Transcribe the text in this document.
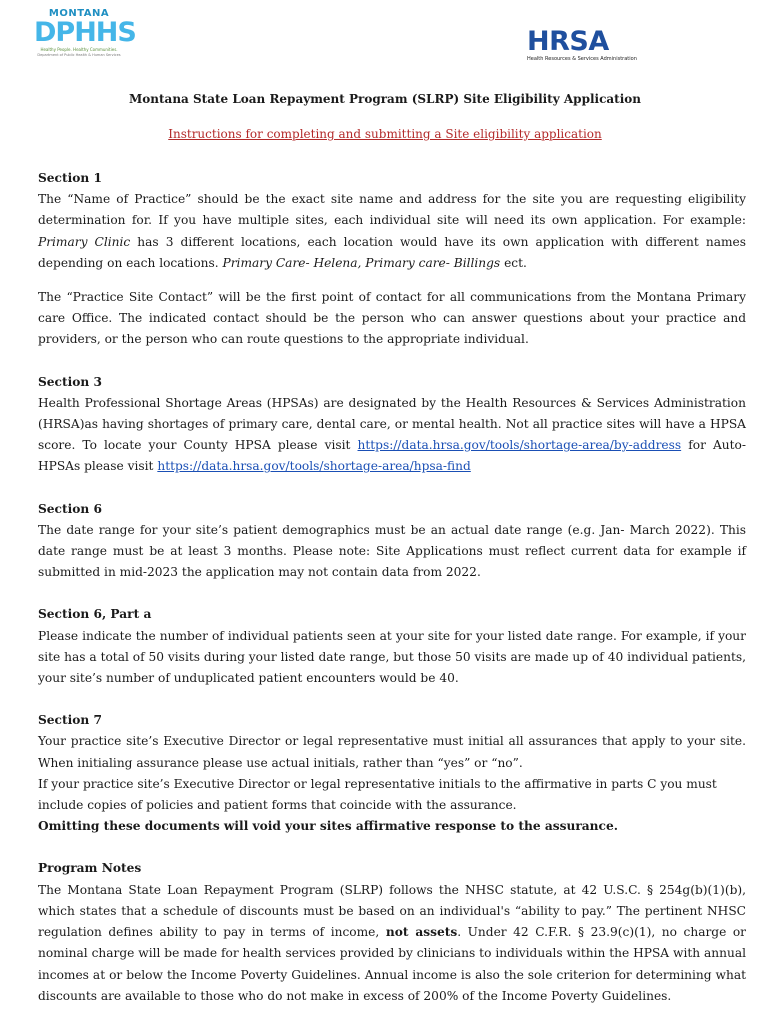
MONTANA
DPHHS
Healthy People. Healthy Communities.
Department of Public Health & Human Services	HRSA
Health Resources & Services Administration
Montana State Loan Repayment Program (SLRP) Site Eligibility Application
Instructions for completing and submitting a Site eligibility application

Section 1

The “Name of Practice” should be the exact site name and address for the site you are requesting eligibility determination for. If you have multiple sites, each individual site will need its own application. For example: Primary Clinic has 3 different locations, each location would have its own application with different names depending on each locations. Primary Care- Helena, Primary care- Billings ect.

The “Practice Site Contact” will be the first point of contact for all communications from the Montana Primary care Office. The indicated contact should be the person who can answer questions about your practice and providers, or the person who can route questions to the appropriate individual.

Section 3

Health Professional Shortage Areas (HPSAs) are designated by the Health Resources & Services Administration (HRSA)as having shortages of primary care, dental care, or mental health. Not all practice sites will have a HPSA score. To locate your County HPSA please visit https://data.hrsa.gov/tools/shortage-area/by-address for Auto-HPSAs please visit https://data.hrsa.gov/tools/shortage-area/hpsa-find

Section 6

The date range for your site’s patient demographics must be an actual date range (e.g. Jan- March 2022). This date range must be at least 3 months. Please note: Site Applications must reflect current data for example if submitted in mid-2023 the application may not contain data from 2022.

Section 6, Part a

Please indicate the number of individual patients seen at your site for your listed date range. For example, if your site has a total of 50 visits during your listed date range, but those 50 visits are made up of 40 individual patients, your site’s number of unduplicated patient encounters would be 40.

Section 7

Your practice site’s Executive Director or legal representative must initial all assurances that apply to your site. When initialing assurance please use actual initials, rather than “yes” or “no”.

If your practice site’s Executive Director or legal representative initials to the affirmative in parts C you must include copies of policies and patient forms that coincide with the assurance.

Omitting these documents will void your sites affirmative response to the assurance.

Program Notes

The Montana State Loan Repayment Program (SLRP) follows the NHSC statute, at 42 U.S.C. § 254g(b)(1)(b), which states that a schedule of discounts must be based on an individual's “ability to pay.” The pertinent NHSC regulation defines ability to pay in terms of income, not assets. Under 42 C.F.R. § 23.9(c)(1), no charge or nominal charge will be made for health services provided by clinicians to individuals within the HPSA with annual incomes at or below the Income Poverty Guidelines. Annual income is also the sole criterion for determining what discounts are available to those who do not make in excess of 200% of the Income Poverty Guidelines.
